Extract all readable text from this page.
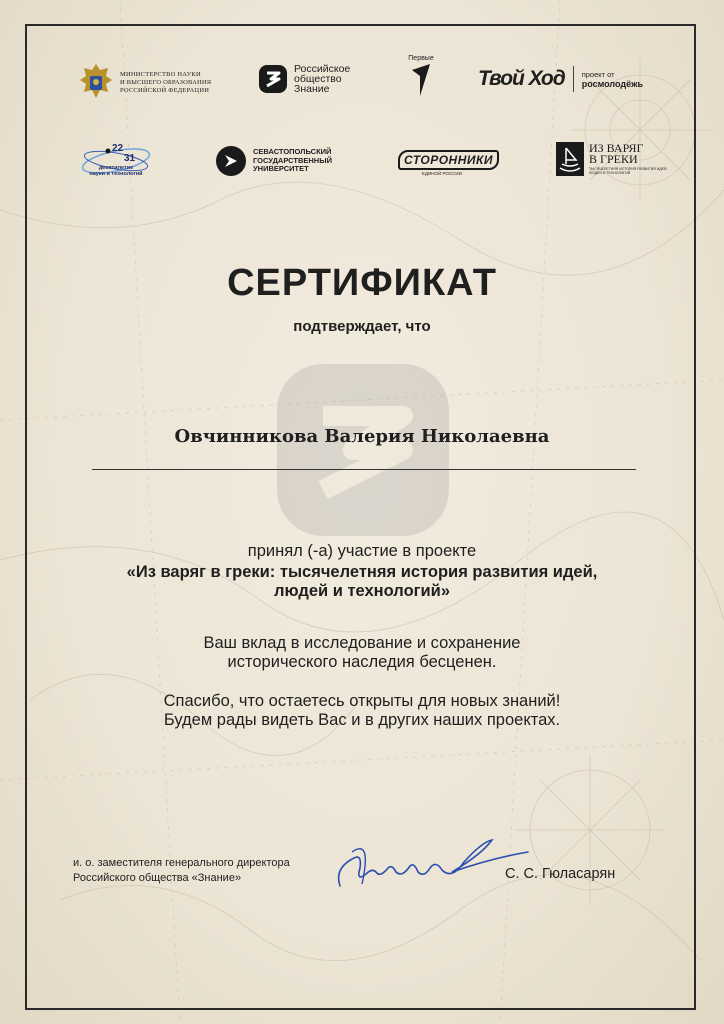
МИНИСТЕРСТВО НАУКИ
И ВЫСШЕГО ОБРАЗОВАНИЯ
РОССИЙСКОЙ ФЕДЕРАЦИИ
Российское
общество
Знание
Первые
Твой Ход проект от
росмолодёжь
22
31
десятилетие
науки и технологий
СЕВАСТОПОЛЬСКИЙ
ГОСУДАРСТВЕННЫЙ
УНИВЕРСИТЕТ
СТОРОННИКИ
ЕДИНОЙ РОССИИ
ИЗ ВАРЯГ
В ГРЕКИ
ТЫСЯЧЕЛЕТНЯЯ ИСТОРИЯ РАЗВИТИЯ ИДЕЙ,
ЛЮДЕЙ И ТЕХНОЛОГИЙ
СЕРТИФИКАТ
подтверждает, что
Овчинникова Валерия Николаевна
принял (-а) участие в проекте
«Из варяг в греки: тысячелетняя история развития идей,
людей и технологий»
Ваш вклад в исследование и сохранение
исторического наследия бесценен.
Спасибо, что остаетесь открыты для новых знаний!
Будем рады видеть Вас и в других наших проектах.
и. о. заместителя генерального директора
Российского общества «Знание»	С. С. Гюласарян
